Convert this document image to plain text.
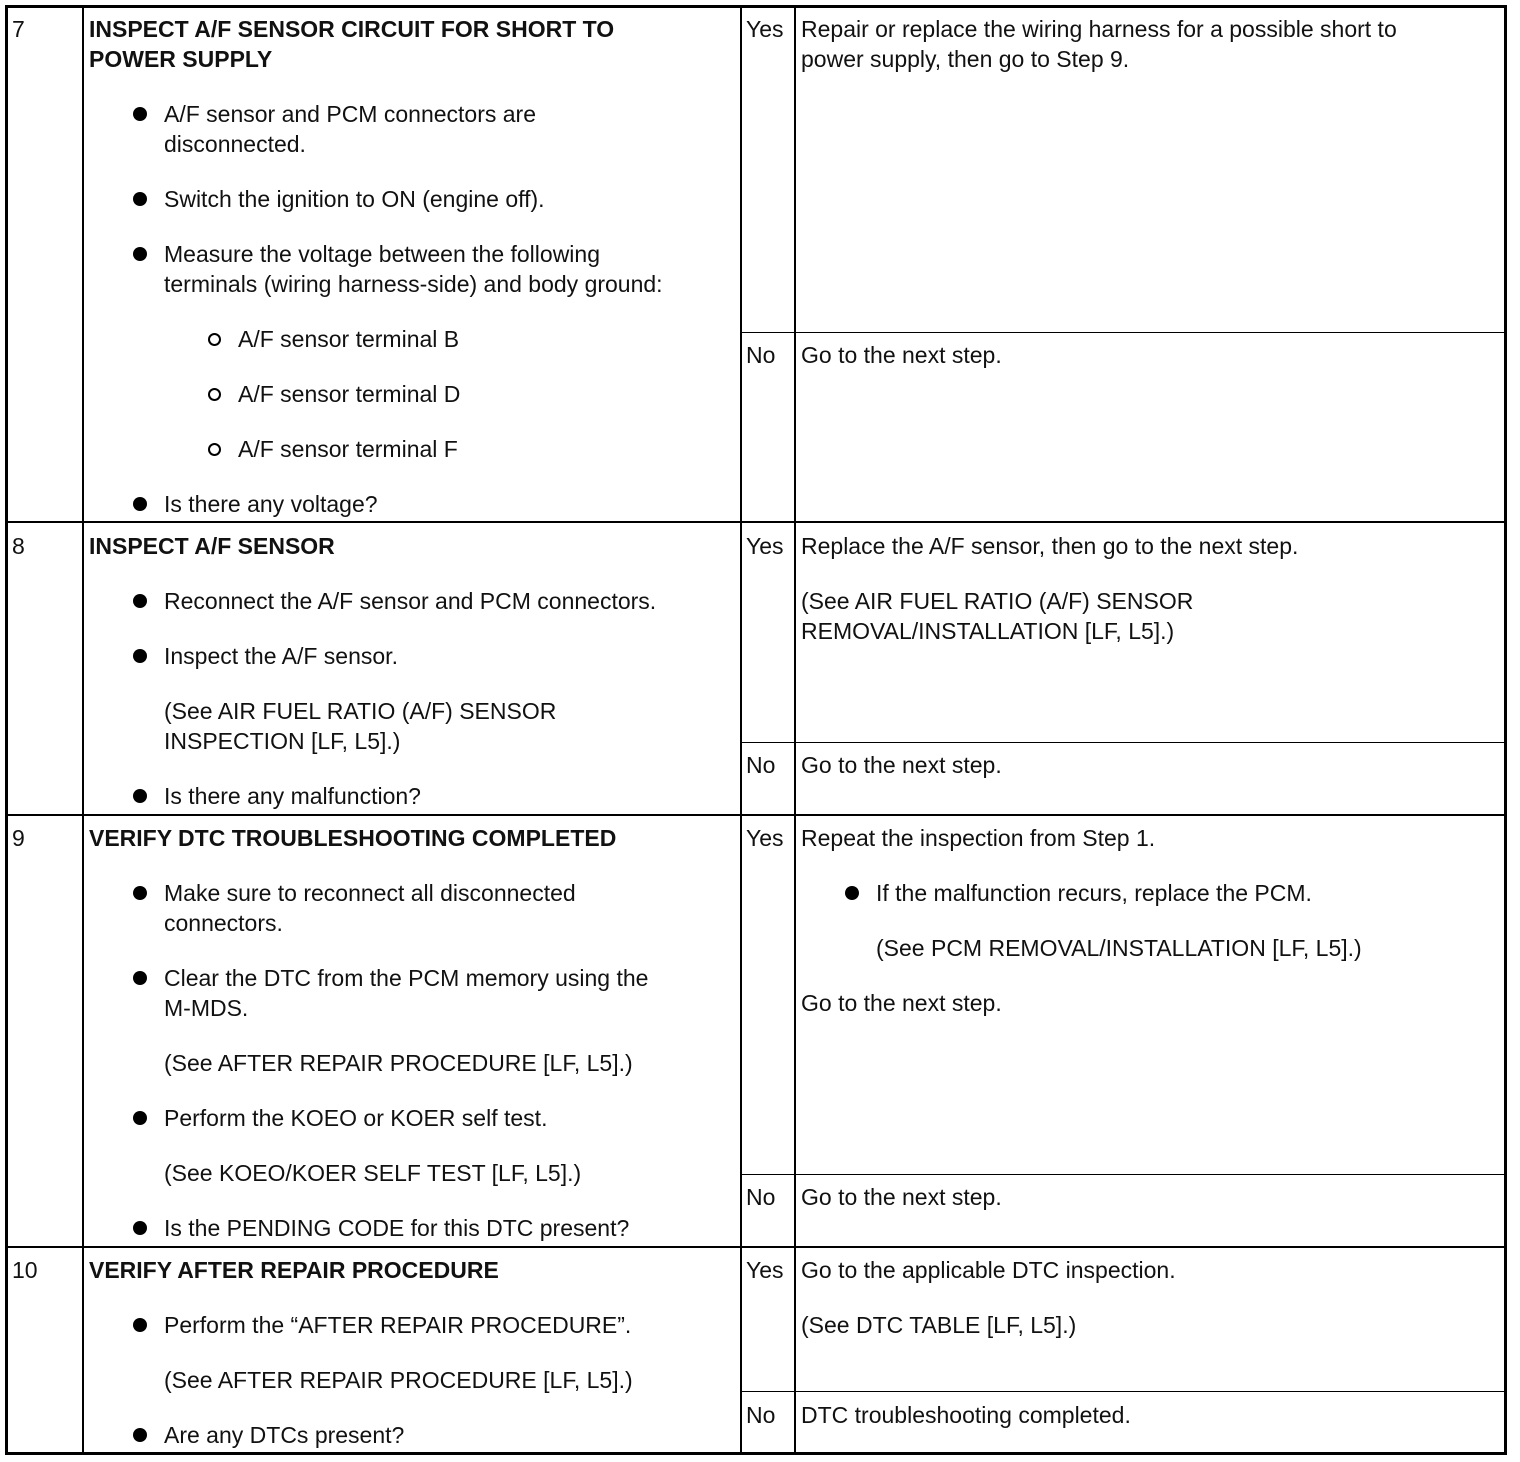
7	INSPECT A/F SENSOR CIRCUIT FOR SHORT TO
POWER SUPPLY
A/F sensor and PCM connectors are
disconnected.
Switch the ignition to ON (engine off).
Measure the voltage between the following
terminals (wiring harness-side) and body ground:
A/F sensor terminal B
A/F sensor terminal D
A/F sensor terminal F
Is there any voltage?
Yes Repair or replace the wiring harness for a possible short to
power supply, then go to Step 9.
No Go to the next step.
8	INSPECT A/F SENSOR
Reconnect the A/F sensor and PCM connectors.
Inspect the A/F sensor.
(See AIR FUEL RATIO (A/F) SENSOR
INSPECTION [LF, L5].)
Is there any malfunction?
Yes Replace the A/F sensor, then go to the next step.
(See AIR FUEL RATIO (A/F) SENSOR
REMOVAL/INSTALLATION [LF, L5].)
No Go to the next step.
9	VERIFY DTC TROUBLESHOOTING COMPLETED
Make sure to reconnect all disconnected
connectors.
Clear the DTC from the PCM memory using the
M-MDS.
(See AFTER REPAIR PROCEDURE [LF, L5].)
Perform the KOEO or KOER self test.
(See KOEO/KOER SELF TEST [LF, L5].)
Is the PENDING CODE for this DTC present?
Yes Repeat the inspection from Step 1.
If the malfunction recurs, replace the PCM.
(See PCM REMOVAL/INSTALLATION [LF, L5].)
Go to the next step.
No Go to the next step.
10 VERIFY AFTER REPAIR PROCEDURE
Perform the “AFTER REPAIR PROCEDURE”.
(See AFTER REPAIR PROCEDURE [LF, L5].)
Are any DTCs present?
Yes Go to the applicable DTC inspection.
(See DTC TABLE [LF, L5].)
No DTC troubleshooting completed.
